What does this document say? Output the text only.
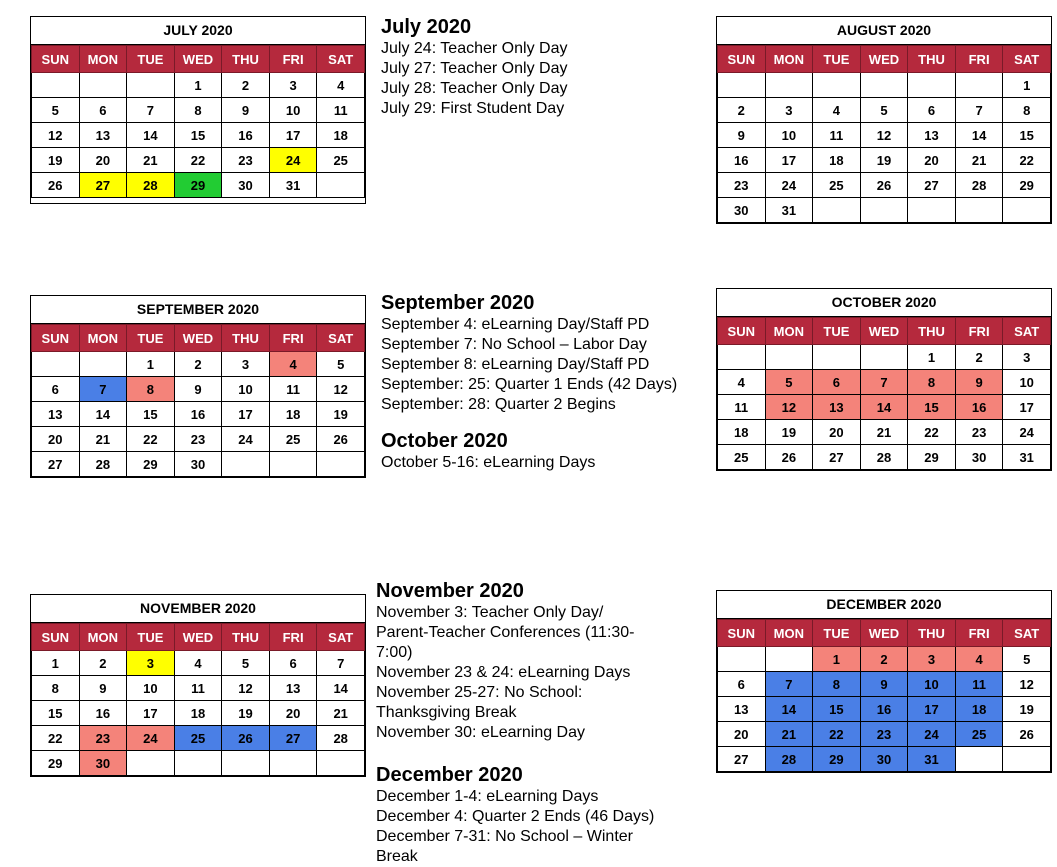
JULY 2020
SUN	MON	TUE	WED	THU	FRI	SAT
			1	2	3	4
5	6	7	8	9	10	11
12	13	14	15	16	17	18
19	20	21	22	23	24	25
26	27	28	29	30	31	
AUGUST 2020
SUN	MON	TUE	WED	THU	FRI	SAT
						1
2	3	4	5	6	7	8
9	10	11	12	13	14	15
16	17	18	19	20	21	22
23	24	25	26	27	28	29
30	31					
SEPTEMBER 2020
SUN	MON	TUE	WED	THU	FRI	SAT
		1	2	3	4	5
6	7	8	9	10	11	12
13	14	15	16	17	18	19
20	21	22	23	24	25	26
27	28	29	30			
OCTOBER 2020
SUN	MON	TUE	WED	THU	FRI	SAT
				1	2	3
4	5	6	7	8	9	10
11	12	13	14	15	16	17
18	19	20	21	22	23	24
25	26	27	28	29	30	31
NOVEMBER 2020
SUN	MON	TUE	WED	THU	FRI	SAT
1	2	3	4	5	6	7
8	9	10	11	12	13	14
15	16	17	18	19	20	21
22	23	24	25	26	27	28
29	30					
DECEMBER 2020
SUN	MON	TUE	WED	THU	FRI	SAT
		1	2	3	4	5
6	7	8	9	10	11	12
13	14	15	16	17	18	19
20	21	22	23	24	25	26
27	28	29	30	31		
July 2020
July 24: Teacher Only Day
July 27: Teacher Only Day
July 28: Teacher Only Day
July 29: First Student Day
September 2020
September 4: eLearning Day/Staff PD
September 7: No School – Labor Day
September 8: eLearning Day/Staff PD
September: 25: Quarter 1 Ends (42 Days)
September: 28: Quarter 2 Begins
October 2020
October 5-16: eLearning Days
November 2020
November 3: Teacher Only Day/
Parent-Teacher Conferences (11:30-
7:00)
November 23 & 24: eLearning Days
November 25-27: No School:
Thanksgiving Break
November 30: eLearning Day
December 2020
December 1-4: eLearning Days
December 4: Quarter 2 Ends (46 Days)
December 7-31: No School – Winter
Break
